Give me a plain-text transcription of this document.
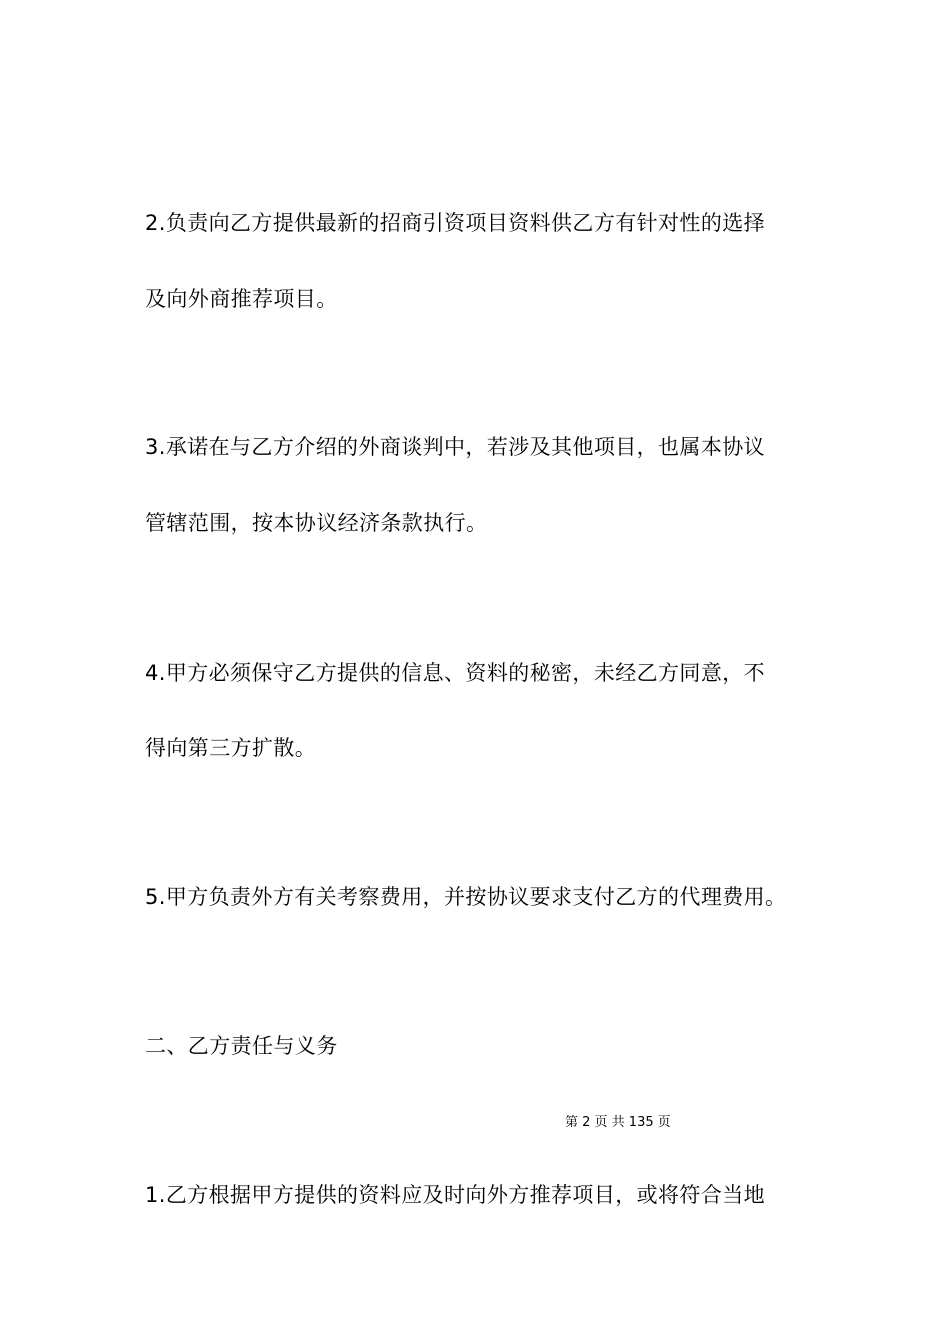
2.负责向乙方提供最新的招商引资项目资料供乙方有针对性的选择
及向外商推荐项目。
3.承诺在与乙方介绍的外商谈判中，若涉及其他项目，也属本协议
管辖范围，按本协议经济条款执行。
4.甲方必须保守乙方提供的信息、资料的秘密，未经乙方同意，不
得向第三方扩散。
5.甲方负责外方有关考察费用，并按协议要求支付乙方的代理费用。
二、乙方责任与义务
第 2 页 共 135 页
1.乙方根据甲方提供的资料应及时向外方推荐项目，或将符合当地
